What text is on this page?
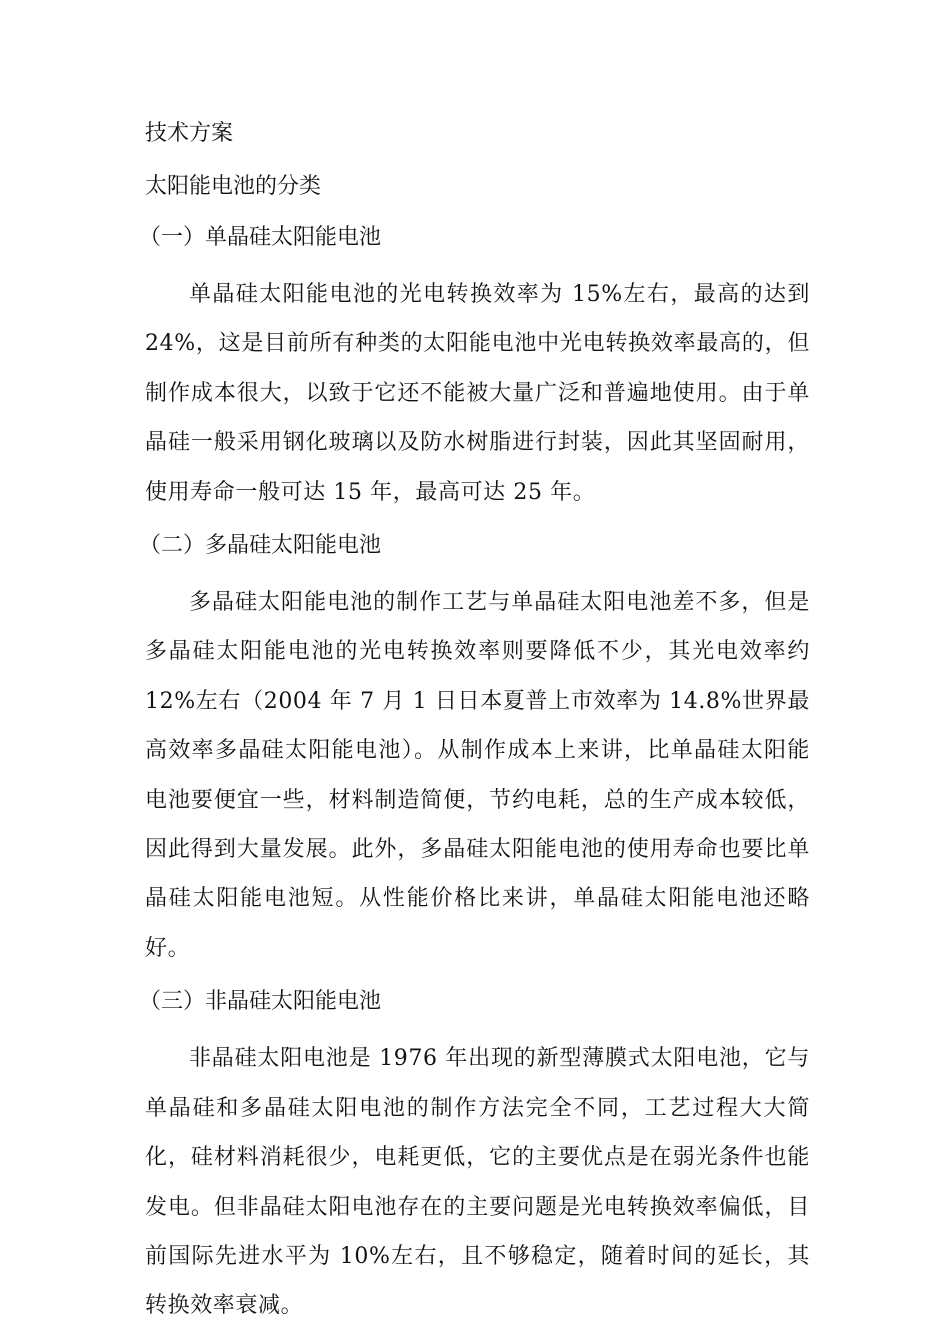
技术方案

太阳能电池的分类

（一）单晶硅太阳能电池

单晶硅太阳能电池的光电转换效率为 15%左右，最高的达到24%，这是目前所有种类的太阳能电池中光电转换效率最高的，但制作成本很大，以致于它还不能被大量广泛和普遍地使用。由于单晶硅一般采用钢化玻璃以及防水树脂进行封装，因此其坚固耐用，使用寿命一般可达 15 年，最高可达 25 年。

（二）多晶硅太阳能电池

多晶硅太阳能电池的制作工艺与单晶硅太阳电池差不多，但是多晶硅太阳能电池的光电转换效率则要降低不少，其光电效率约 12%左右（2004 年 7 月 1 日日本夏普上市效率为 14.8%世界最高效率多晶硅太阳能电池）。从制作成本上来讲，比单晶硅太阳能电池要便宜一些，材料制造简便，节约电耗，总的生产成本较低，因此得到大量发展。此外，多晶硅太阳能电池的使用寿命也要比单晶硅太阳能电池短。从性能价格比来讲，单晶硅太阳能电池还略好。

（三）非晶硅太阳能电池

非晶硅太阳电池是 1976 年出现的新型薄膜式太阳电池，它与单晶硅和多晶硅太阳电池的制作方法完全不同，工艺过程大大简化，硅材料消耗很少，电耗更低，它的主要优点是在弱光条件也能发电。但非晶硅太阳电池存在的主要问题是光电转换效率偏低，目前国际先进水平为 10%左右，且不够稳定，随着时间的延长，其转换效率衰减。
